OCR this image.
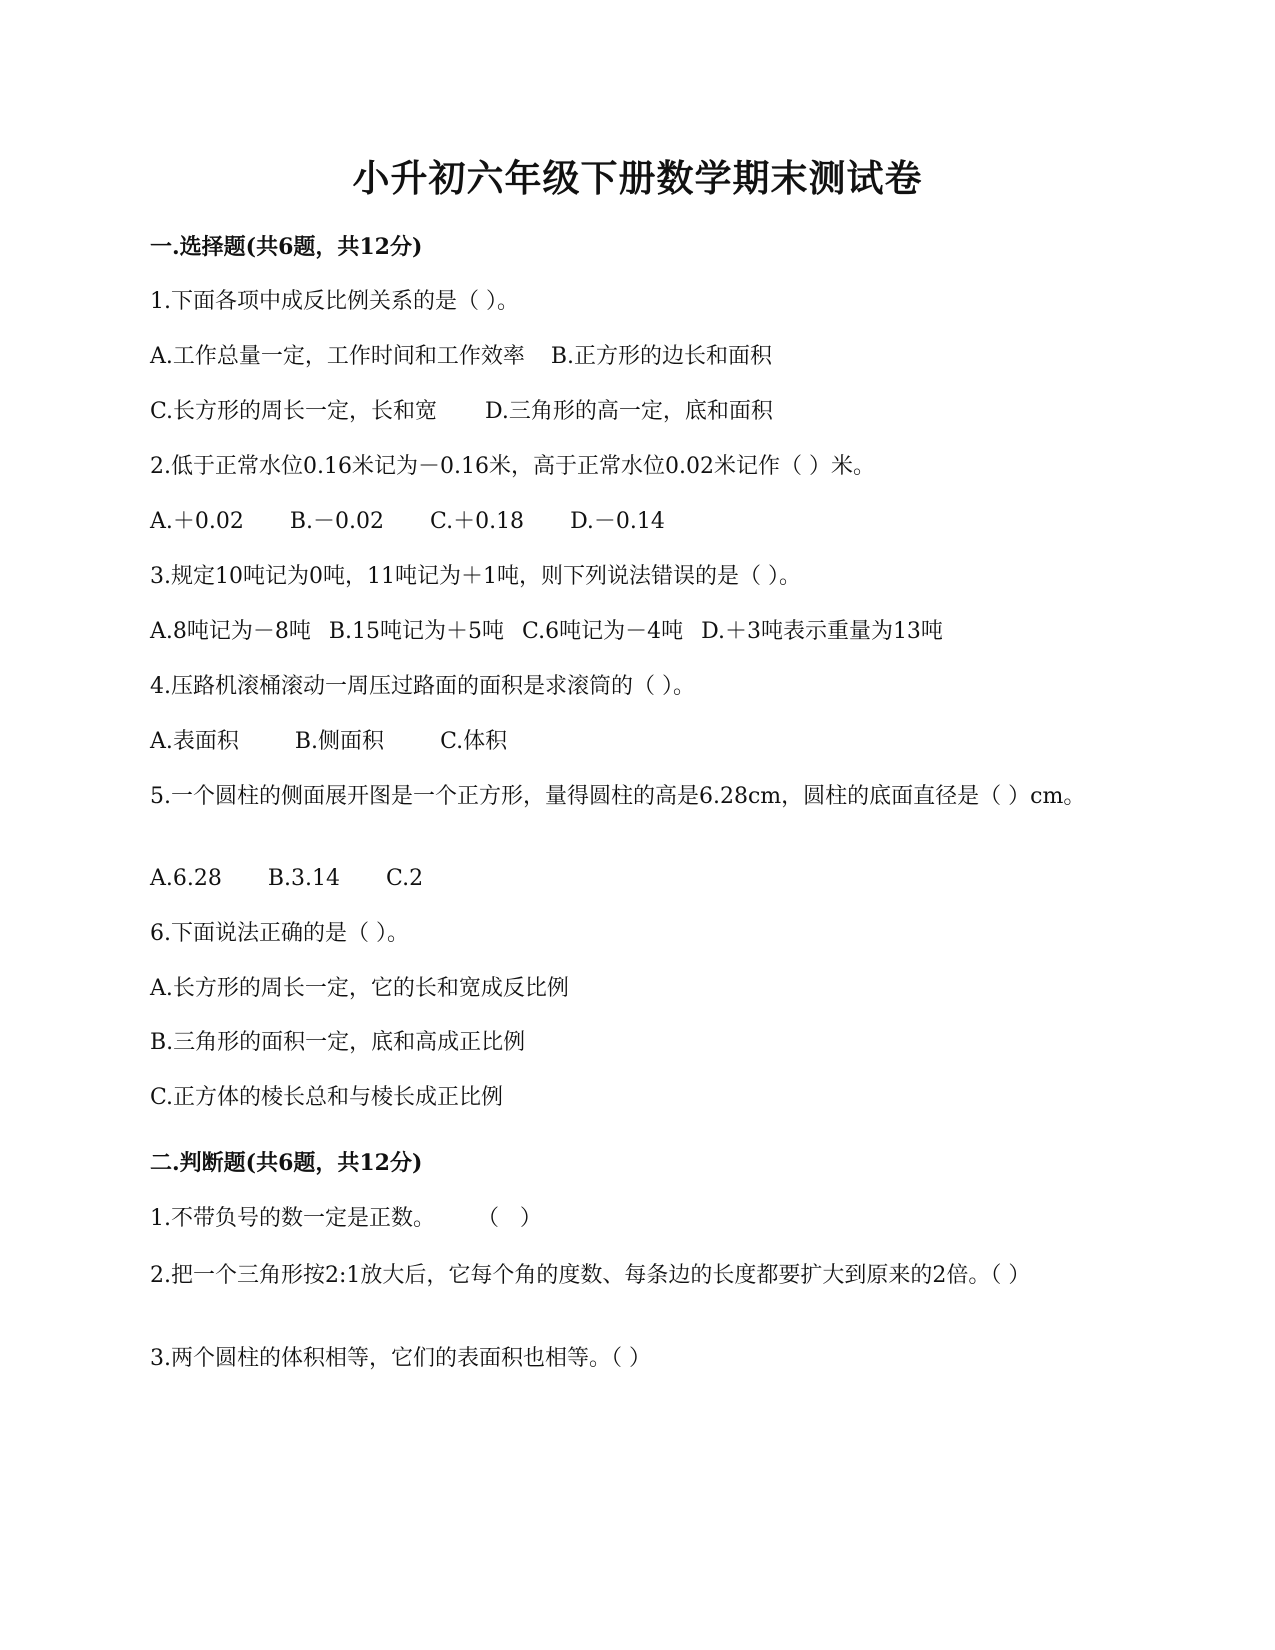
小升初六年级下册数学期末测试卷
一.选择题(共6题，共12分)

1.下面各项中成反比例关系的是（ ）。

A.工作总量一定，工作时间和工作效率 B.正方形的边长和面积

C.长方形的周长一定，长和宽 D.三角形的高一定，底和面积

2.低于正常水位0.16米记为－0.16米，高于正常水位0.02米记作（ ）米。

A.＋0.02 B.－0.02 C.＋0.18 D.－0.14

3.规定10吨记为0吨，11吨记为＋1吨，则下列说法错误的是（ ）。

A.8吨记为－8吨 B.15吨记为＋5吨 C.6吨记为－4吨 D.＋3吨表示重量为13吨

4.压路机滚桶滚动一周压过路面的面积是求滚筒的（ ）。

A.表面积	B.侧面积	C.体积

5.一个圆柱的侧面展开图是一个正方形，量得圆柱的高是6.28cm，圆柱的底面直径是（ ）cm。

A.6.28 B.3.14 C.2

6.下面说法正确的是（ ）。

A.长方形的周长一定，它的长和宽成反比例

B.三角形的面积一定，底和高成正比例

C.正方体的棱长总和与棱长成正比例

二.判断题(共6题，共12分)

1.不带负号的数一定是正数。      （   ）

2.把一个三角形按2:1放大后，它每个角的度数、每条边的长度都要扩大到原来的2倍。（ ）

3.两个圆柱的体积相等，它们的表面积也相等。（ ）
